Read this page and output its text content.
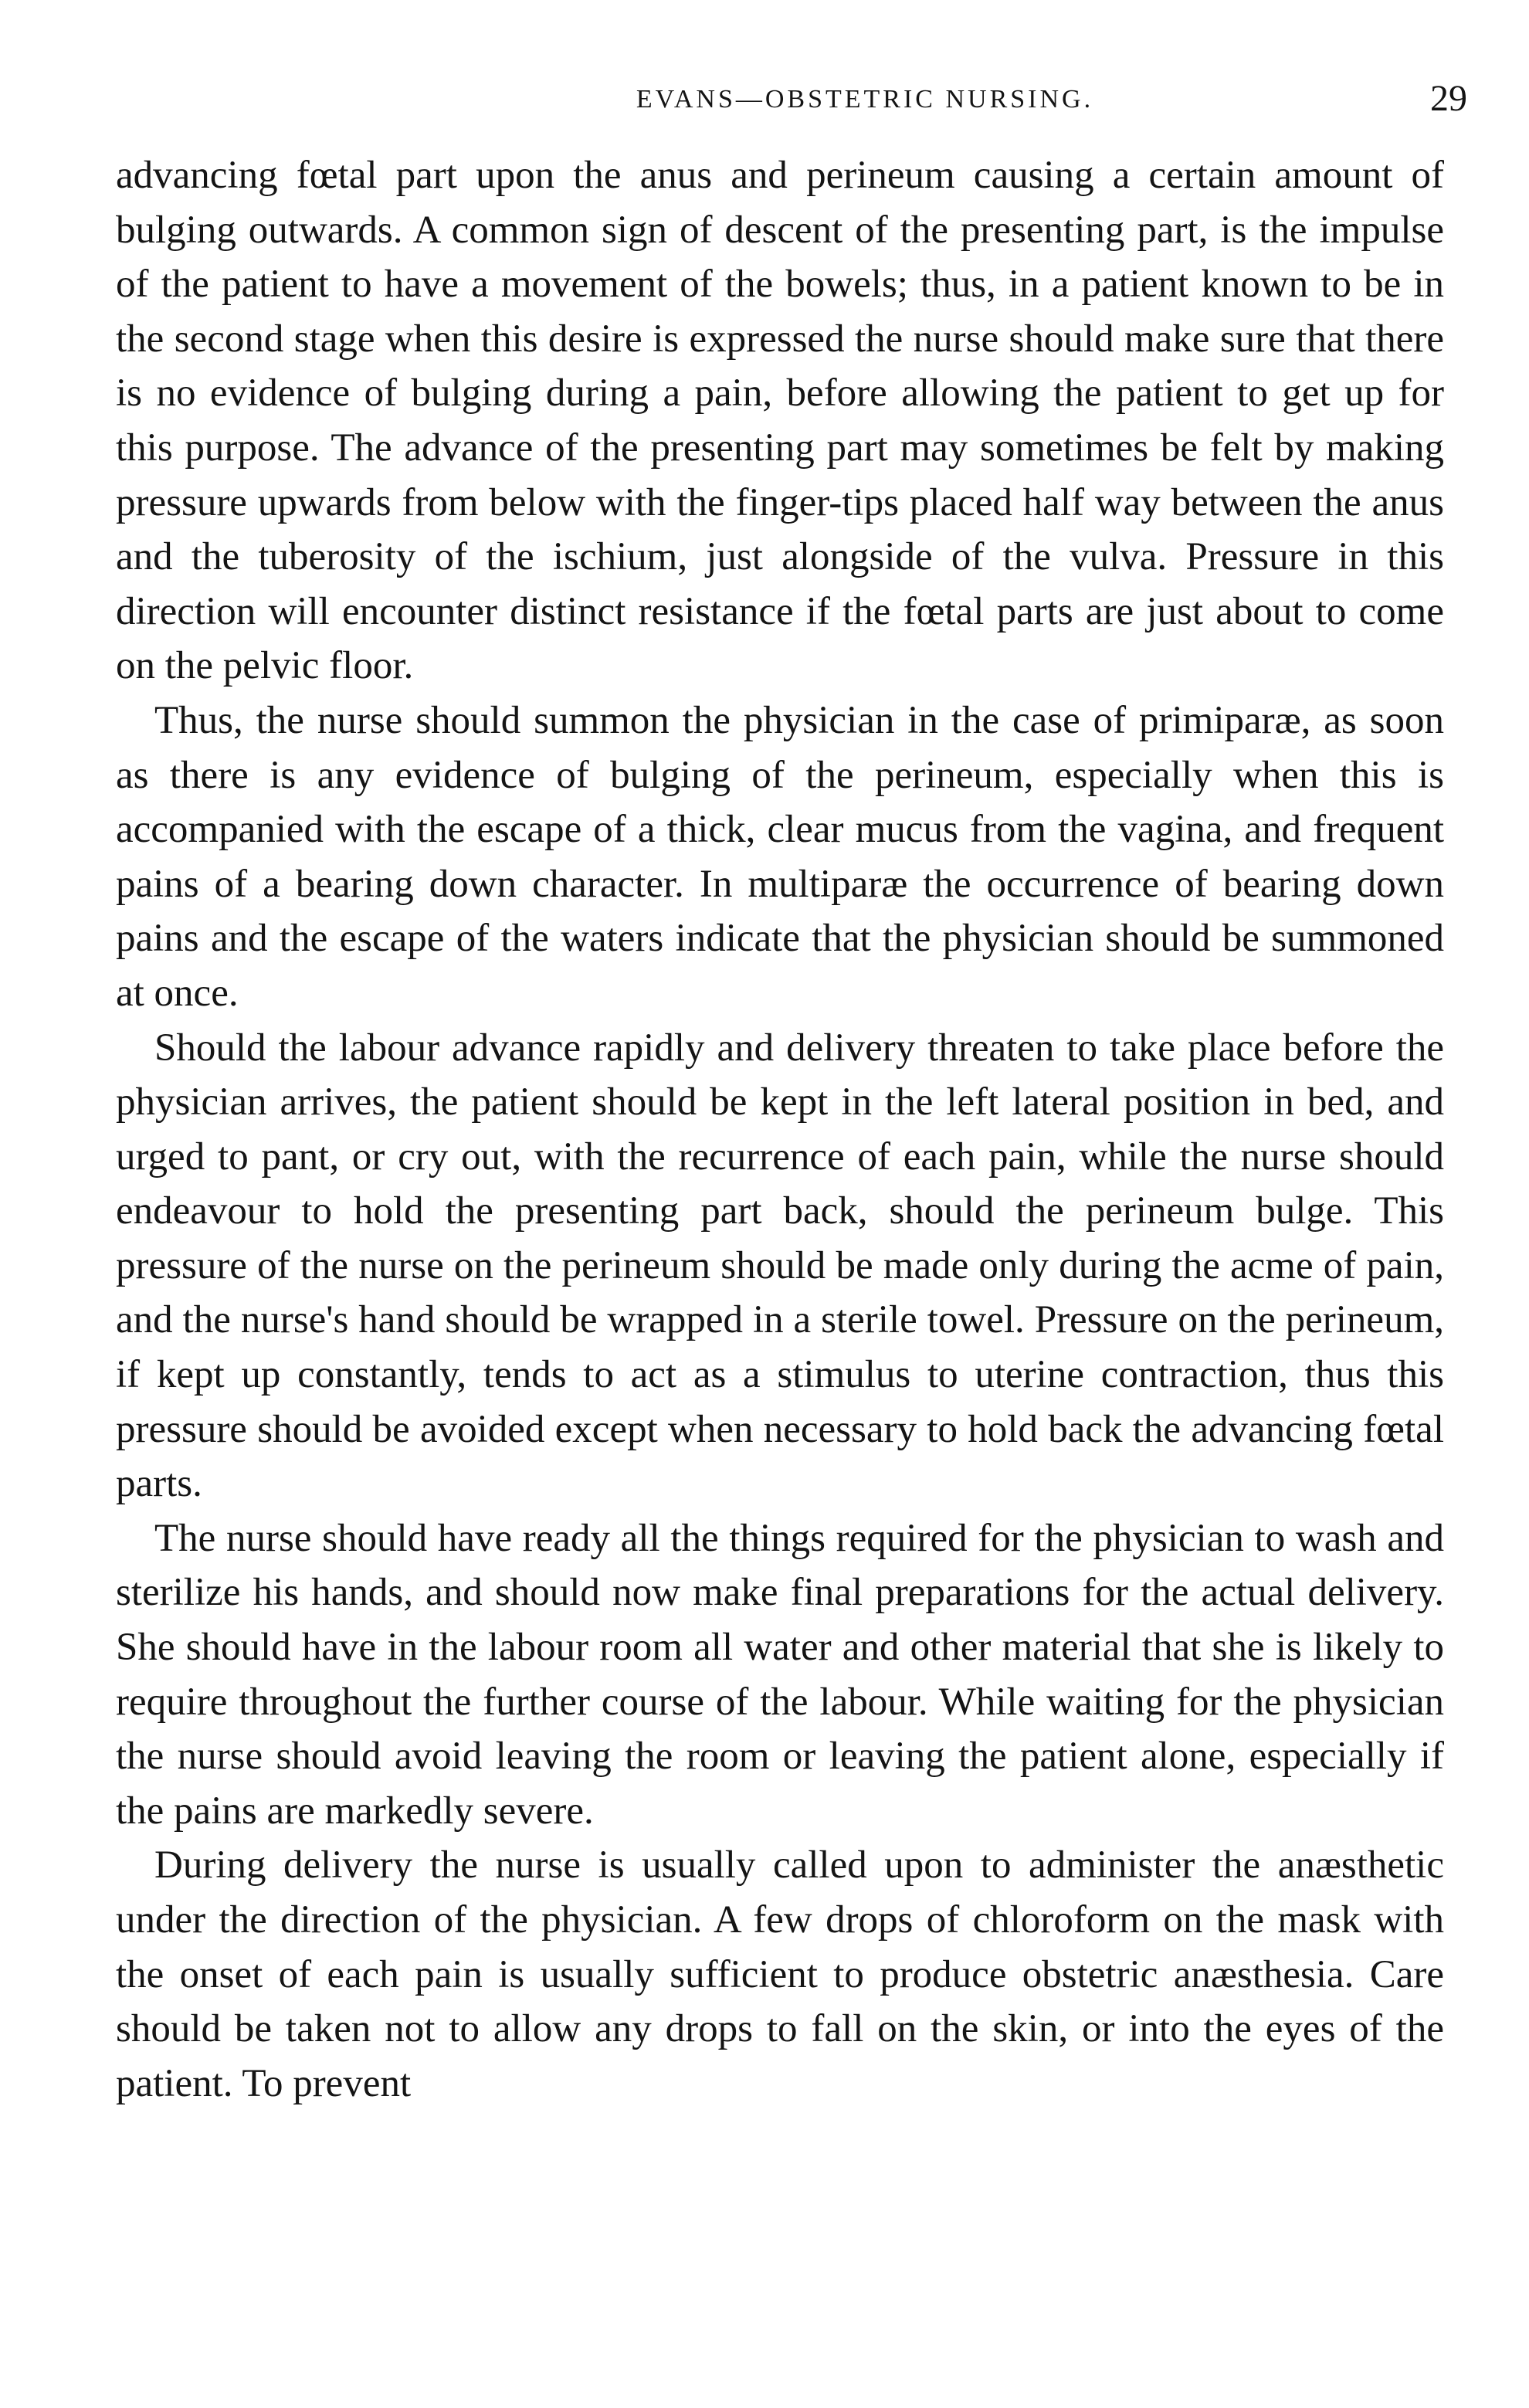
EVANS—OBSTETRIC NURSING.	29

advancing fœtal part upon the anus and perineum causing a certain amount of bulging outwards. A common sign of descent of the presenting part, is the impulse of the patient to have a movement of the bowels; thus, in a patient known to be in the second stage when this desire is expressed the nurse should make sure that there is no evidence of bulging during a pain, before allowing the patient to get up for this purpose. The advance of the presenting part may sometimes be felt by making pressure upwards from below with the finger-tips placed half way between the anus and the tuberosity of the ischium, just alongside of the vulva. Pressure in this direction will encounter distinct resistance if the fœtal parts are just about to come on the pelvic floor.

Thus, the nurse should summon the physician in the case of primiparæ, as soon as there is any evidence of bulging of the perineum, especially when this is accompanied with the escape of a thick, clear mucus from the vagina, and frequent pains of a bearing down character. In multiparæ the occurrence of bearing down pains and the escape of the waters indicate that the physician should be summoned at once.

Should the labour advance rapidly and delivery threaten to take place before the physician arrives, the patient should be kept in the left lateral position in bed, and urged to pant, or cry out, with the recurrence of each pain, while the nurse should endeavour to hold the presenting part back, should the perineum bulge. This pressure of the nurse on the perineum should be made only during the acme of pain, and the nurse's hand should be wrapped in a sterile towel. Pressure on the perineum, if kept up constantly, tends to act as a stimulus to uterine contraction, thus this pressure should be avoided except when necessary to hold back the advancing fœtal parts.

The nurse should have ready all the things required for the physician to wash and sterilize his hands, and should now make final preparations for the actual delivery. She should have in the labour room all water and other material that she is likely to require throughout the further course of the labour. While waiting for the physician the nurse should avoid leaving the room or leaving the patient alone, especially if the pains are markedly severe.

During delivery the nurse is usually called upon to administer the anæsthetic under the direction of the physician. A few drops of chloroform on the mask with the onset of each pain is usually sufficient to produce obstetric anæsthesia. Care should be taken not to allow any drops to fall on the skin, or into the eyes of the patient. To prevent
